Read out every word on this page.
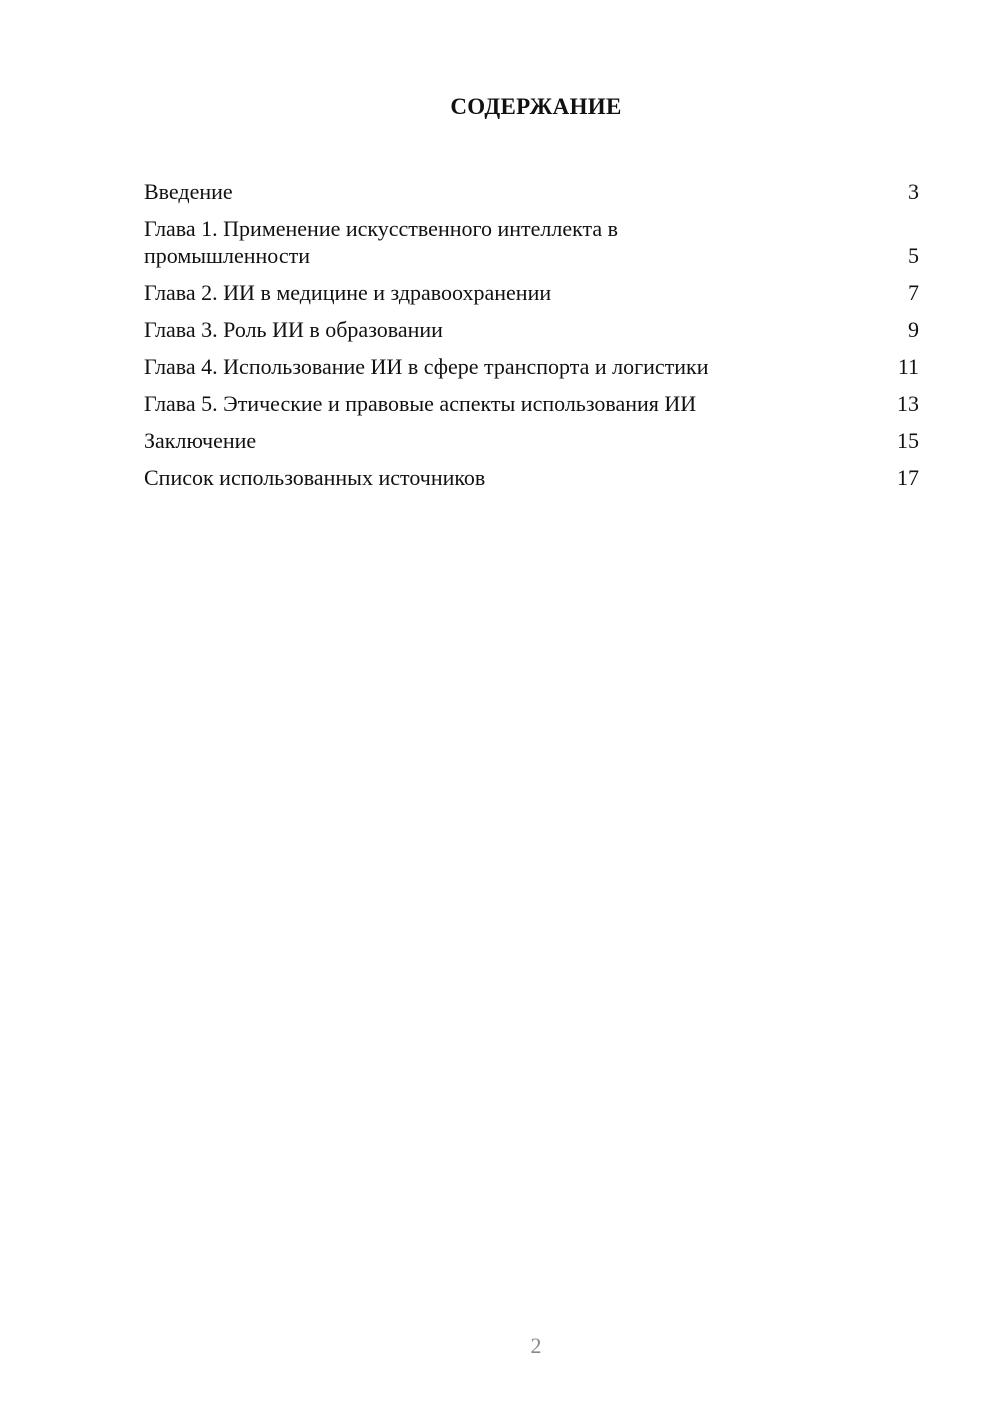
СОДЕРЖАНИЕ
Введение	3
Глава 1. Применение искусственного интеллекта в промышленности	5
Глава 2. ИИ в медицине и здравоохранении	7
Глава 3. Роль ИИ в образовании	9
Глава 4. Использование ИИ в сфере транспорта и логистики	11
Глава 5. Этические и правовые аспекты использования ИИ	13
Заключение	15
Список использованных источников	17
2
